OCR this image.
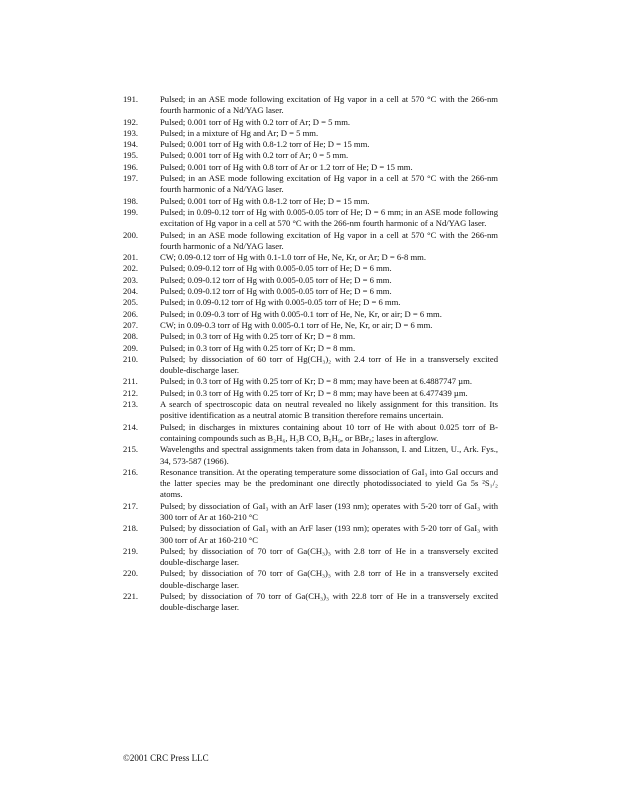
191.	Pulsed; in an ASE mode following excitation of Hg vapor in a cell at 570 °C with the 266-nm fourth harmonic of a Nd/YAG laser.
192.	Pulsed; 0.001 torr of Hg with 0.2 torr of Ar; D = 5 mm.
193.	Pulsed; in a mixture of Hg and Ar; D = 5 mm.
194.	Pulsed; 0.001 torr of Hg with 0.8-1.2 torr of He; D = 15 mm.
195.	Pulsed; 0.001 torr of Hg with 0.2 torr of Ar; 0 = 5 mm.
196.	Pulsed; 0.001 torr of Hg with 0.8 torr of Ar or 1.2 torr of He; D = 15 mm.
197.	Pulsed; in an ASE mode following excitation of Hg vapor in a cell at 570 °C with the 266-nm fourth harmonic of a Nd/YAG laser.
198.	Pulsed; 0.001 torr of Hg with 0.8-1.2 torr of He; D = 15 mm.
199.	Pulsed; in 0.09-0.12 torr of Hg with 0.005-0.05 torr of He; D = 6 mm; in an ASE mode following excitation of Hg vapor in a cell at 570 °C with the 266-nm fourth harmonic of a Nd/YAG laser.
200.	Pulsed; in an ASE mode following excitation of Hg vapor in a cell at 570 °C with the 266-nm fourth harmonic of a Nd/YAG laser.
201.	CW; 0.09-0.12 torr of Hg with 0.1-1.0 torr of He, Ne, Kr, or Ar; D = 6-8 mm.
202.	Pulsed; 0.09-0.12 torr of Hg with 0.005-0.05 torr of He; D = 6 mm.
203.	Pulsed; 0.09-0.12 torr of Hg with 0.005-0.05 torr of He; D = 6 mm.
204.	Pulsed; 0.09-0.12 torr of Hg with 0.005-0.05 torr of He; D = 6 mm.
205.	Pulsed; in 0.09-0.12 torr of Hg with 0.005-0.05 torr of He; D = 6 mm.
206.	Pulsed; in 0.09-0.3 torr of Hg with 0.005-0.1 torr of He, Ne, Kr, or air; D = 6 mm.
207.	CW; in 0.09-0.3 torr of Hg with 0.005-0.1 torr of He, Ne, Kr, or air; D = 6 mm.
208.	Pulsed; in 0.3 torr of Hg with 0.25 torr of Kr; D = 8 mm.
209.	Pulsed; in 0.3 torr of Hg with 0.25 torr of Kr; D = 8 mm.
210.	Pulsed; by dissociation of 60 torr of Hg(CH₃)₂ with 2.4 torr of He in a transversely excited double-discharge laser.
211.	Pulsed; in 0.3 torr of Hg with 0.25 torr of Kr; D = 8 mm; may have been at 6.4887747 µm.
212.	Pulsed; in 0.3 torr of Hg with 0.25 torr of Kr; D = 8 mm; may have been at 6.477439 µm.
213.	A search of spectroscopic data on neutral revealed no likely assignment for this transition. Its positive identification as a neutral atomic B transition therefore remains uncertain.
214.	Pulsed; in discharges in mixtures containing about 10 torr of He with about 0.025 torr of B-containing compounds such as B₂H₆, H₃B CO, B₅H₉, or BBr₃; lases in afterglow.
215.	Wavelengths and spectral assignments taken from data in Johansson, I. and Litzen, U., Ark. Fys., 34, 573-587 (1966).
216.	Resonance transition. At the operating temperature some dissociation of GaI₃ into GaI occurs and the latter species may be the predominant one directly photodissociated to yield Ga 5s ²S₁/₂ atoms.
217.	Pulsed; by dissociation of GaI₃ with an ArF laser (193 nm); operates with 5-20 torr of GaI₃ with 300 torr of Ar at 160-210 °C
218.	Pulsed; by dissociation of GaI₃ with an ArF laser (193 nm); operates with 5-20 torr of GaI₃ with 300 torr of Ar at 160-210 °C
219.	Pulsed; by dissociation of 70 torr of Ga(CH₃)₃ with 2.8 torr of He in a transversely excited double-discharge laser.
220.	Pulsed; by dissociation of 70 torr of Ga(CH₃)₃ with 2.8 torr of He in a transversely excited double-discharge laser.
221.	Pulsed; by dissociation of 70 torr of Ga(CH₃)₃ with 22.8 torr of He in a transversely excited double-discharge laser.
©2001 CRC Press LLC
